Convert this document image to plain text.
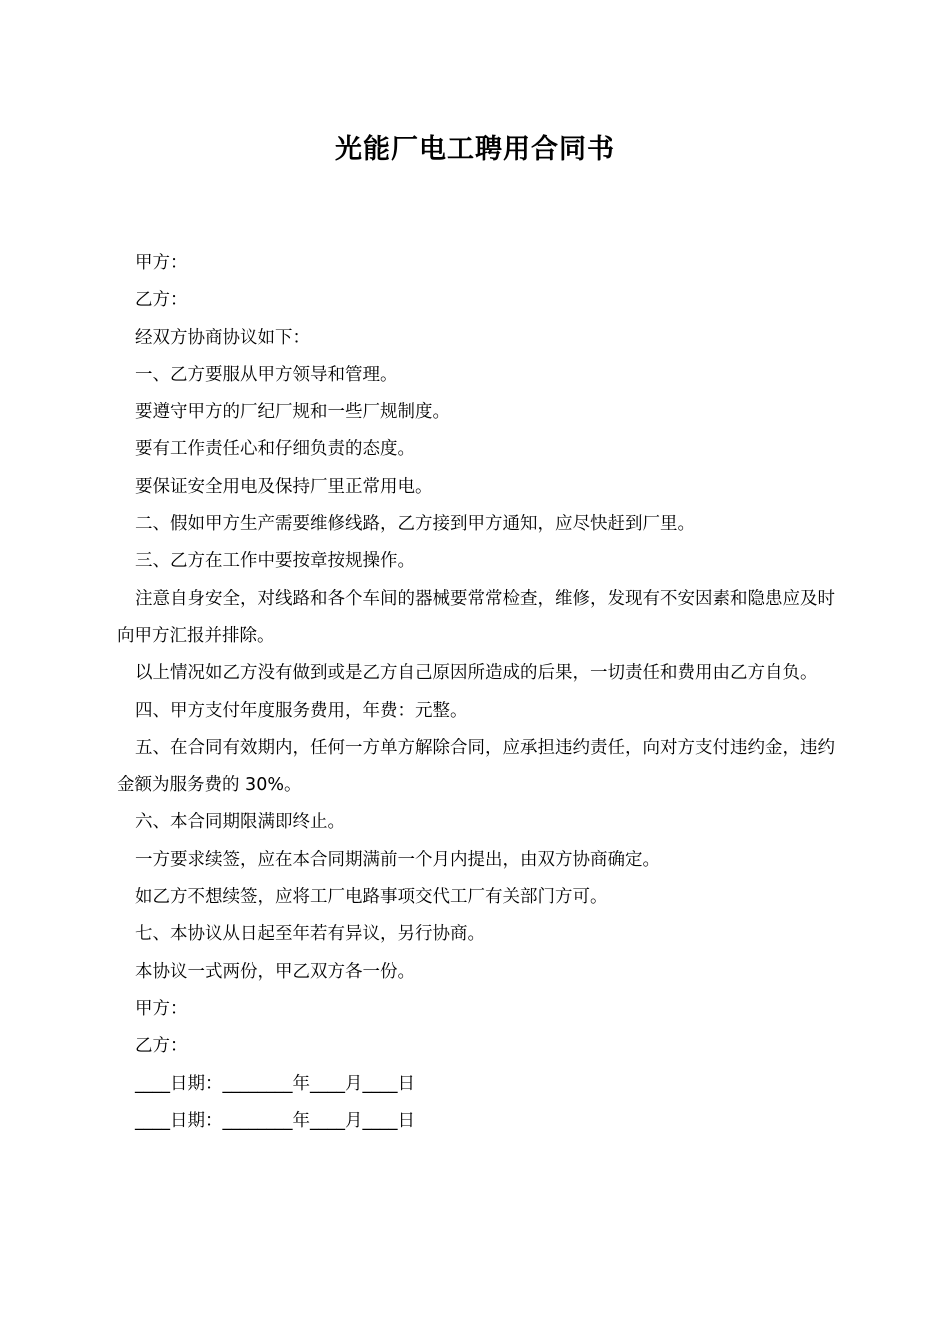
光能厂电工聘用合同书

甲方：

乙方：

经双方协商协议如下：

一、乙方要服从甲方领导和管理。

要遵守甲方的厂纪厂规和一些厂规制度。

要有工作责任心和仔细负责的态度。

要保证安全用电及保持厂里正常用电。

二、假如甲方生产需要维修线路，乙方接到甲方通知，应尽快赶到厂里。

三、乙方在工作中要按章按规操作。

注意自身安全，对线路和各个车间的器械要常常检查，维修，发现有不安因素和隐患应及时向甲方汇报并排除。

以上情况如乙方没有做到或是乙方自己原因所造成的后果，一切责任和费用由乙方自负。

四、甲方支付年度服务费用，年费：元整。

五、在合同有效期内，任何一方单方解除合同，应承担违约责任，向对方支付违约金，违约金额为服务费的 30%。

六、本合同期限满即终止。

一方要求续签，应在本合同期满前一个月内提出，由双方协商确定。

如乙方不想续签，应将工厂电路事项交代工厂有关部门方可。

七、本协议从日起至年若有异议，另行协商。

本协议一式两份，甲乙双方各一份。

甲方：

乙方：

____日期：________年____月____日

____日期：________年____月____日
